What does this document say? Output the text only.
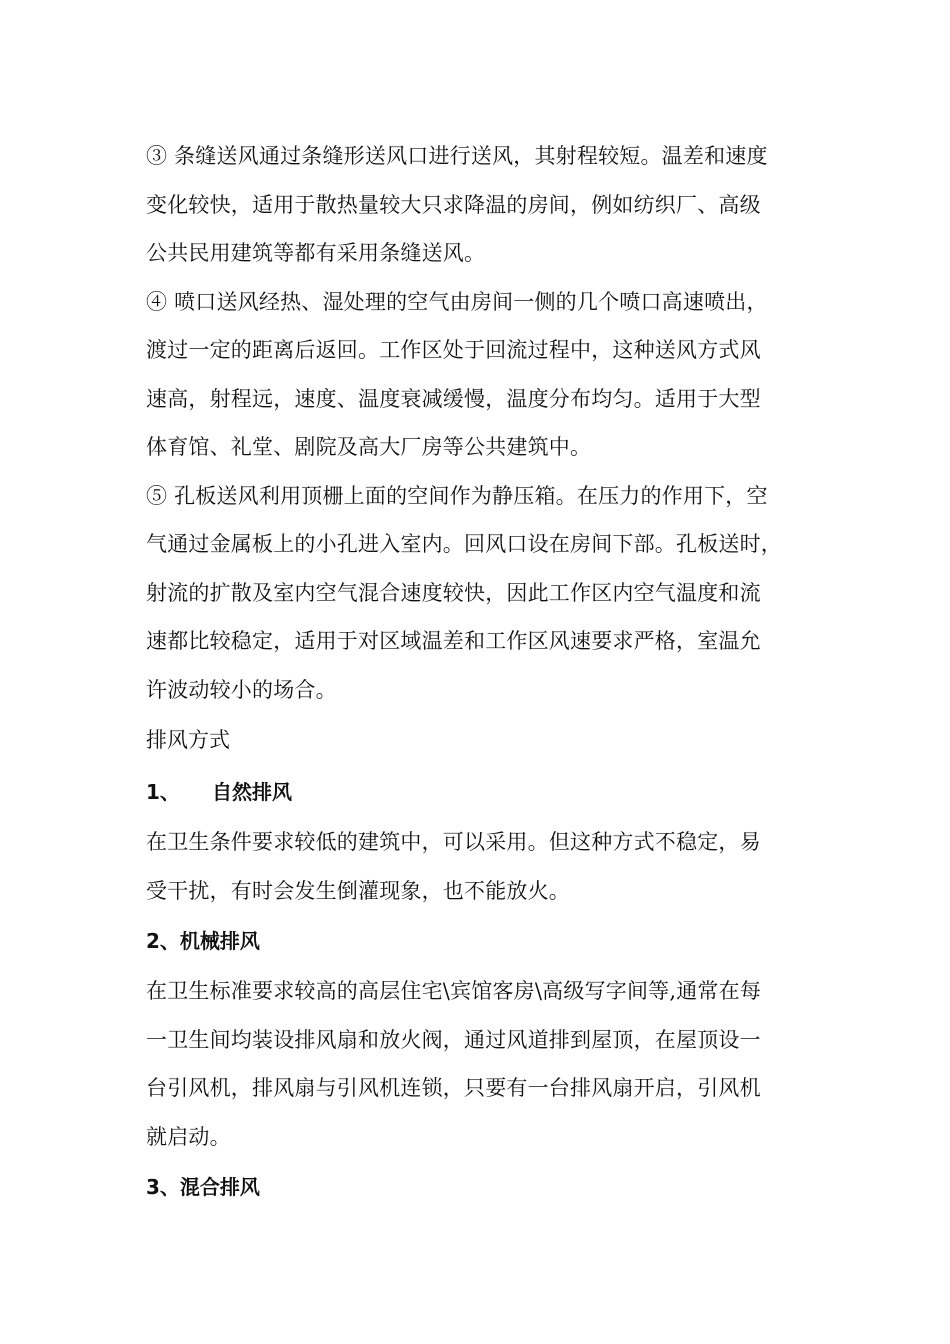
③ 条缝送风通过条缝形送风口进行送风，其射程较短。温差和速度
变化较快，适用于散热量较大只求降温的房间，例如纺织厂、高级
公共民用建筑等都有采用条缝送风。
④ 喷口送风经热、湿处理的空气由房间一侧的几个喷口高速喷出，
渡过一定的距离后返回。工作区处于回流过程中，这种送风方式风
速高，射程远，速度、温度衰减缓慢，温度分布均匀。适用于大型
体育馆、礼堂、剧院及高大厂房等公共建筑中。
⑤ 孔板送风利用顶栅上面的空间作为静压箱。在压力的作用下，空
气通过金属板上的小孔进入室内。回风口设在房间下部。孔板送时，
射流的扩散及室内空气混合速度较快，因此工作区内空气温度和流
速都比较稳定，适用于对区域温差和工作区风速要求严格，室温允
许波动较小的场合。

排风方式

1、 自然排风

在卫生条件要求较低的建筑中，可以采用。但这种方式不稳定，易
受干扰，有时会发生倒灌现象，也不能放火。

2、机械排风

在卫生标准要求较高的高层住宅\宾馆客房\高级写字间等,通常在每
一卫生间均装设排风扇和放火阀，通过风道排到屋顶，在屋顶设一
台引风机，排风扇与引风机连锁，只要有一台排风扇开启，引风机
就启动。

3、混合排风
